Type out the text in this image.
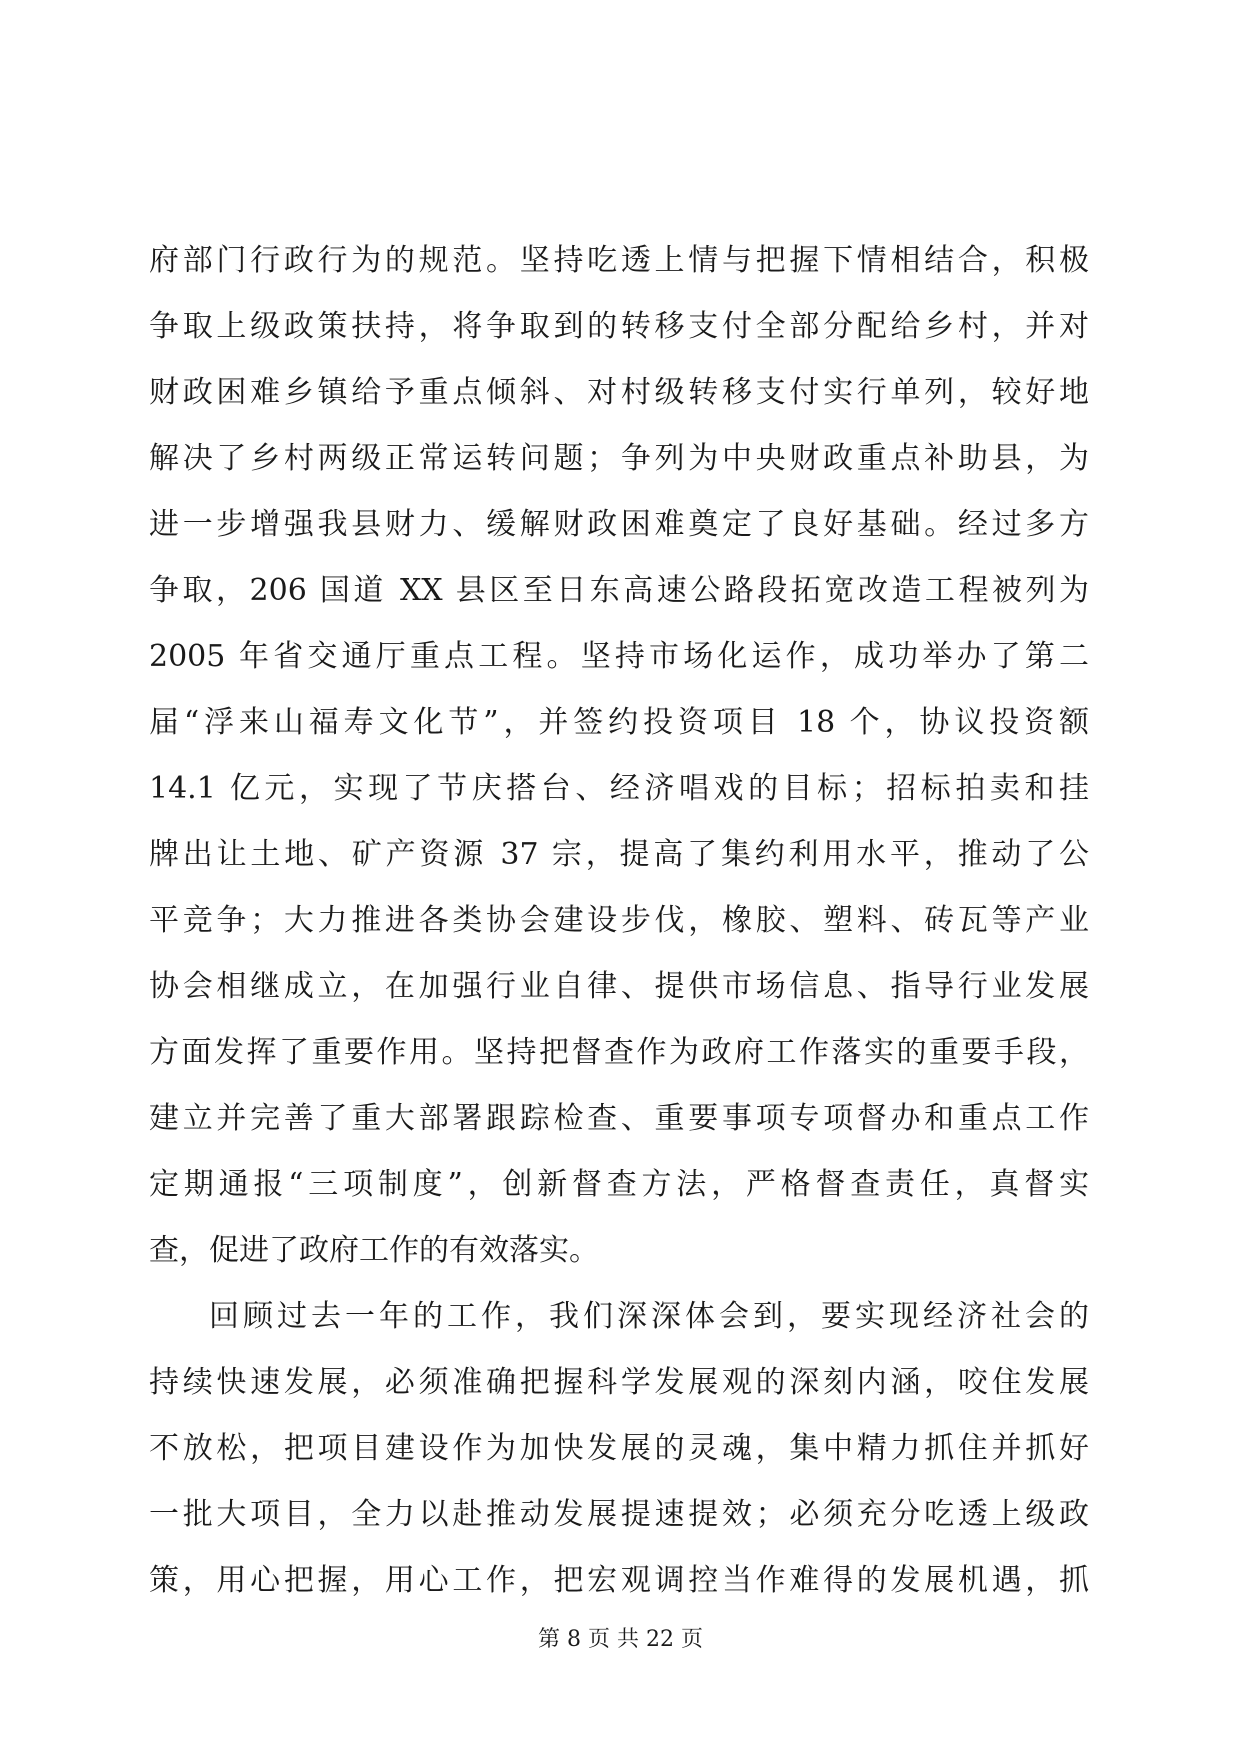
府部门行政行为的规范。坚持吃透上情与把握下情相结合，积极
争取上级政策扶持，将争取到的转移支付全部分配给乡村，并对
财政困难乡镇给予重点倾斜、对村级转移支付实行单列，较好地
解决了乡村两级正常运转问题；争列为中央财政重点补助县，为
进一步增强我县财力、缓解财政困难奠定了良好基础。经过多方
争取，206 国道 XX 县区至日东高速公路段拓宽改造工程被列为
2005 年省交通厅重点工程。坚持市场化运作，成功举办了第二
届“浮来山福寿文化节”，并签约投资项目 18 个，协议投资额
14.1 亿元，实现了节庆搭台、经济唱戏的目标；招标拍卖和挂
牌出让土地、矿产资源 37 宗，提高了集约利用水平，推动了公
平竞争；大力推进各类协会建设步伐，橡胶、塑料、砖瓦等产业
协会相继成立，在加强行业自律、提供市场信息、指导行业发展
方面发挥了重要作用。坚持把督查作为政府工作落实的重要手段，
建立并完善了重大部署跟踪检查、重要事项专项督办和重点工作
定期通报“三项制度”，创新督查方法，严格督查责任，真督实
查，促进了政府工作的有效落实。
回顾过去一年的工作，我们深深体会到，要实现经济社会的
持续快速发展，必须准确把握科学发展观的深刻内涵，咬住发展
不放松，把项目建设作为加快发展的灵魂，集中精力抓住并抓好
一批大项目，全力以赴推动发展提速提效；必须充分吃透上级政
策，用心把握，用心工作，把宏观调控当作难得的发展机遇，抓
第 8 页 共 22 页
